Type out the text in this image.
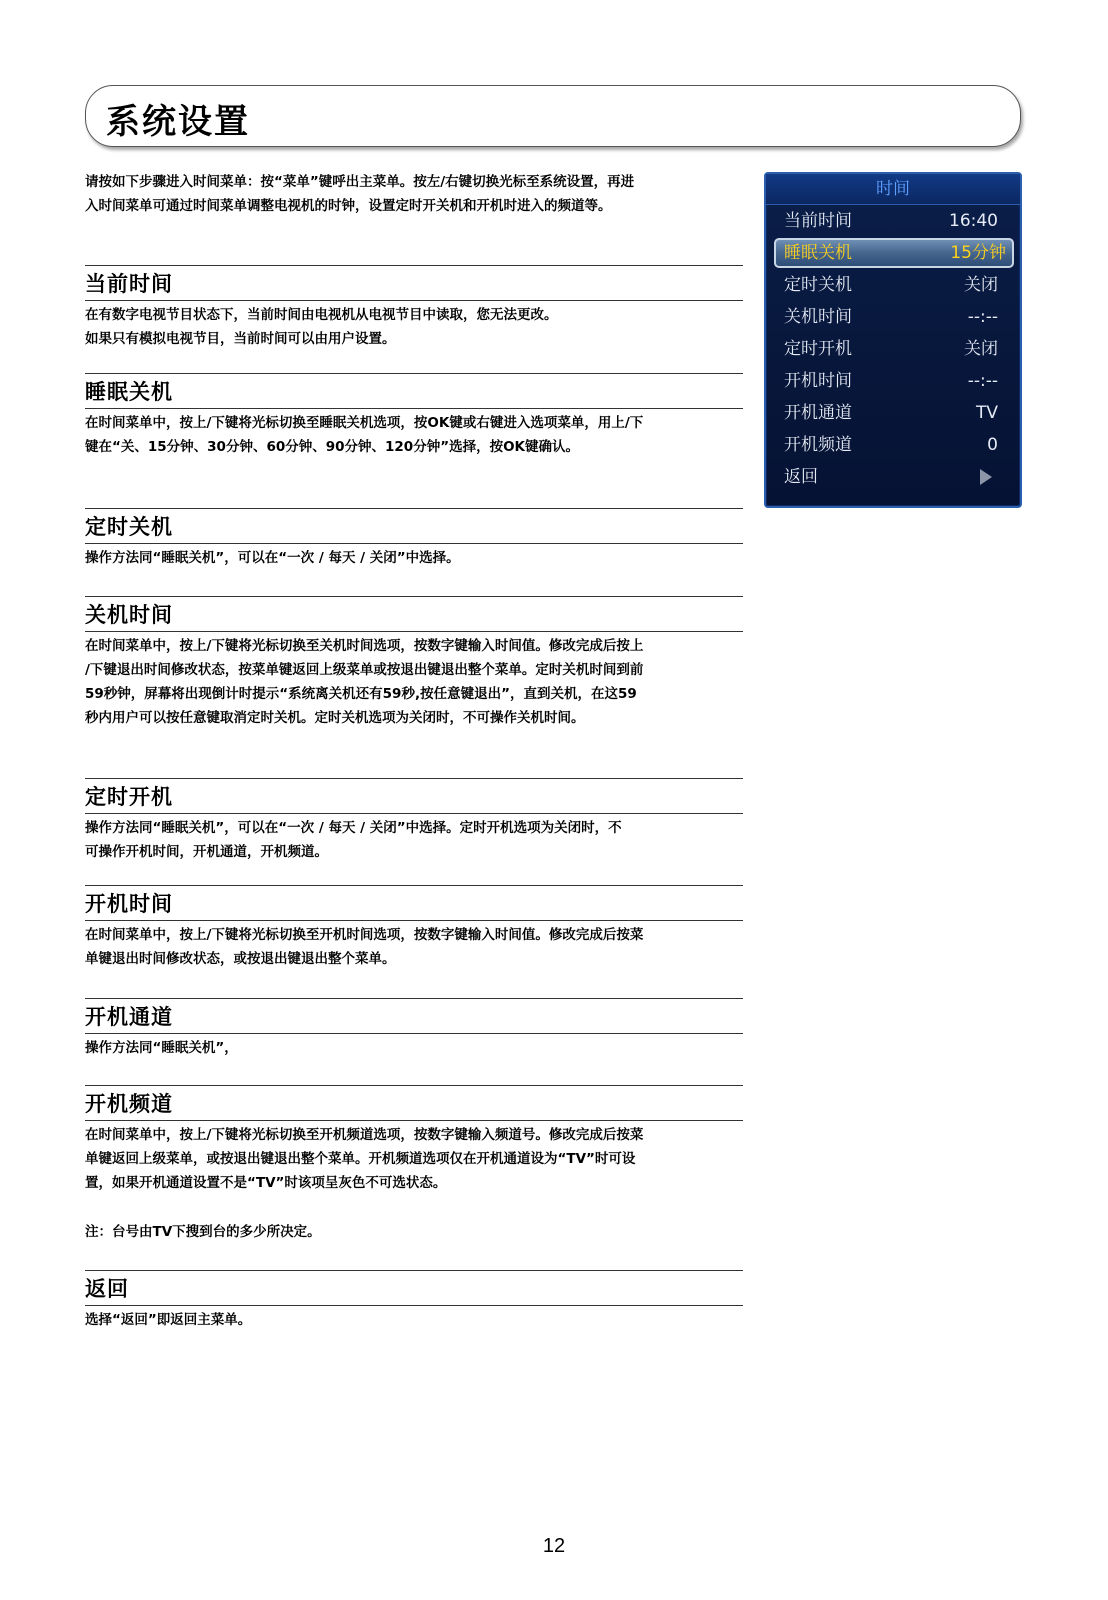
系统设置
请按如下步骤进入时间菜单：按“菜单”键呼出主菜单。按左/右键切换光标至系统设置，再进
入时间菜单可通过时间菜单调整电视机的时钟，设置定时开关机和开机时进入的频道等。
当前时间
在有数字电视节目状态下，当前时间由电视机从电视节目中读取，您无法更改。
如果只有模拟电视节目，当前时间可以由用户设置。
睡眠关机
在时间菜单中，按上/下键将光标切换至睡眠关机选项，按OK键或右键进入选项菜单，用上/下
键在“关、15分钟、30分钟、60分钟、90分钟、120分钟”选择，按OK键确认。
定时关机
操作方法同“睡眠关机”，可以在“一次 / 每天 / 关闭”中选择。
关机时间
在时间菜单中，按上/下键将光标切换至关机时间选项，按数字键输入时间值。修改完成后按上
/下键退出时间修改状态，按菜单键返回上级菜单或按退出键退出整个菜单。定时关机时间到前
59秒钟，屏幕将出现倒计时提示“系统离关机还有59秒,按任意键退出”，直到关机，在这59
秒内用户可以按任意键取消定时关机。定时关机选项为关闭时，不可操作关机时间。
定时开机
操作方法同“睡眠关机”，可以在“一次 / 每天 / 关闭”中选择。定时开机选项为关闭时，不
可操作开机时间，开机通道，开机频道。
开机时间
在时间菜单中，按上/下键将光标切换至开机时间选项，按数字键输入时间值。修改完成后按菜
单键退出时间修改状态，或按退出键退出整个菜单。
开机通道
操作方法同“睡眠关机”，
开机频道
在时间菜单中，按上/下键将光标切换至开机频道选项，按数字键输入频道号。修改完成后按菜
单键返回上级菜单，或按退出键退出整个菜单。开机频道选项仅在开机通道设为“TV”时可设
置，如果开机通道设置不是“TV”时该项呈灰色不可选状态。
注：台号由TV下搜到台的多少所决定。
返回
选择“返回”即返回主菜单。
时间
当前时间	16:40
睡眠关机	15分钟
定时关机	关闭
关机时间	--:--
定时开机	关闭
开机时间	--:--
开机通道	TV
开机频道	0
返回
12
